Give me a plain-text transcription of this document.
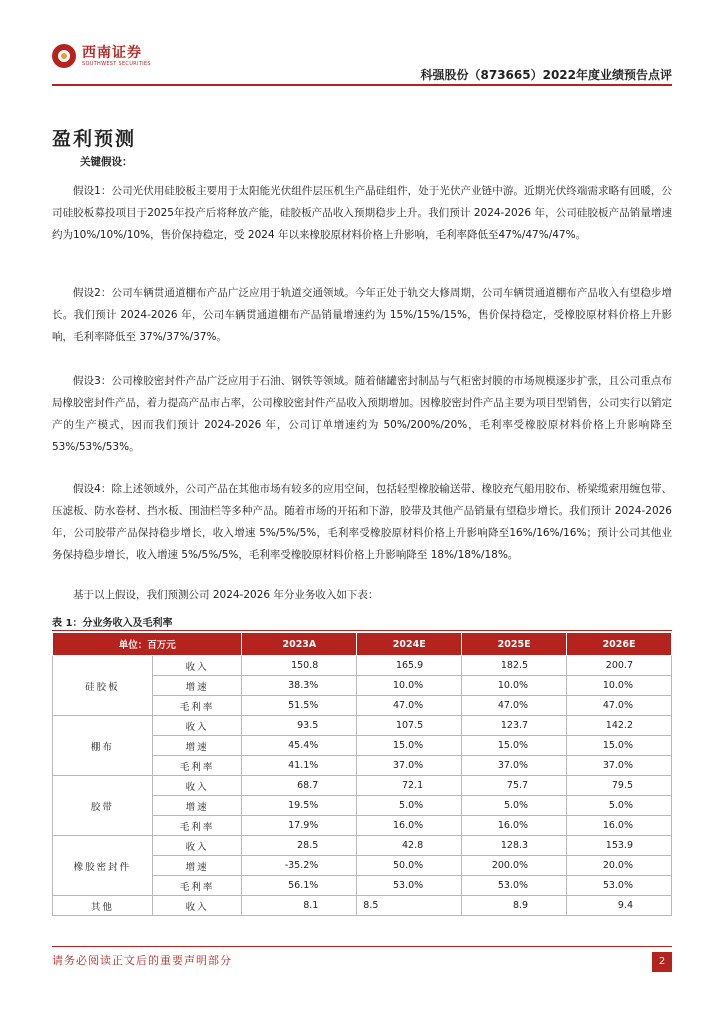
西南证券
SOUTHWEST SECURITIES
科强股份（873665）2022年度业绩预告点评
盈利预测
关键假设：
假设1：公司光伏用硅胶板主要用于太阳能光伏组件层压机生产晶硅组件，处于光伏产业链中游。近期光伏终端需求略有回暖，公司硅胶板募投项目于2025年投产后将释放产能，硅胶板产品收入预期稳步上升。我们预计 2024-2026 年，公司硅胶板产品销量增速约为10%/10%/10%，售价保持稳定，受 2024 年以来橡胶原材料价格上升影响，毛利率降低至47%/47%/47%。
假设2：公司车辆贯通道棚布产品广泛应用于轨道交通领域。今年正处于轨交大修周期，公司车辆贯通道棚布产品收入有望稳步增长。我们预计 2024-2026 年，公司车辆贯通道棚布产品销量增速约为 15%/15%/15%，售价保持稳定，受橡胶原材料价格上升影响，毛利率降低至 37%/37%/37%。
假设3：公司橡胶密封件产品广泛应用于石油、钢铁等领域。随着储罐密封制品与气柜密封膜的市场规模逐步扩张，且公司重点布局橡胶密封件产品，着力提高产品市占率，公司橡胶密封件产品收入预期增加。因橡胶密封件产品主要为项目型销售，公司实行以销定产的生产模式，因而我们预计 2024-2026 年，公司订单增速约为 50%/200%/20%，毛利率受橡胶原材料价格上升影响降至 53%/53%/53%。
假设4：除上述领域外，公司产品在其他市场有较多的应用空间，包括轻型橡胶输送带、橡胶充气船用胶布、桥梁缆索用缠包带、压滤板、防水卷材、挡水板、围油栏等多种产品。随着市场的开拓和下游，胶带及其他产品销量有望稳步增长。我们预计 2024-2026 年，公司胶带产品保持稳步增长，收入增速 5%/5%/5%，毛利率受橡胶原材料价格上升影响降至16%/16%/16%；预计公司其他业务保持稳步增长，收入增速 5%/5%/5%，毛利率受橡胶原材料价格上升影响降至 18%/18%/18%。
基于以上假设，我们预测公司 2024-2026 年分业务收入如下表：
表 1：分业务收入及毛利率
单位：百万元		2023A	2024E	2025E	2026E
硅胶板	收入	150.8	165.9	182.5	200.7
	增速	38.3%	10.0%	10.0%	10.0%
	毛利率	51.5%	47.0%	47.0%	47.0%
棚布	收入	93.5	107.5	123.7	142.2
	增速	45.4%	15.0%	15.0%	15.0%
	毛利率	41.1%	37.0%	37.0%	37.0%
胶带	收入	68.7	72.1	75.7	79.5
	增速	19.5%	5.0%	5.0%	5.0%
	毛利率	17.9%	16.0%	16.0%	16.0%
橡胶密封件	收入	28.5	42.8	128.3	153.9
	增速	-35.2%	50.0%	200.0%	20.0%
	毛利率	56.1%	53.0%	53.0%	53.0%
其他	收入	8.1	8.5	8.9	9.4
请务必阅读正文后的重要声明部分	2
